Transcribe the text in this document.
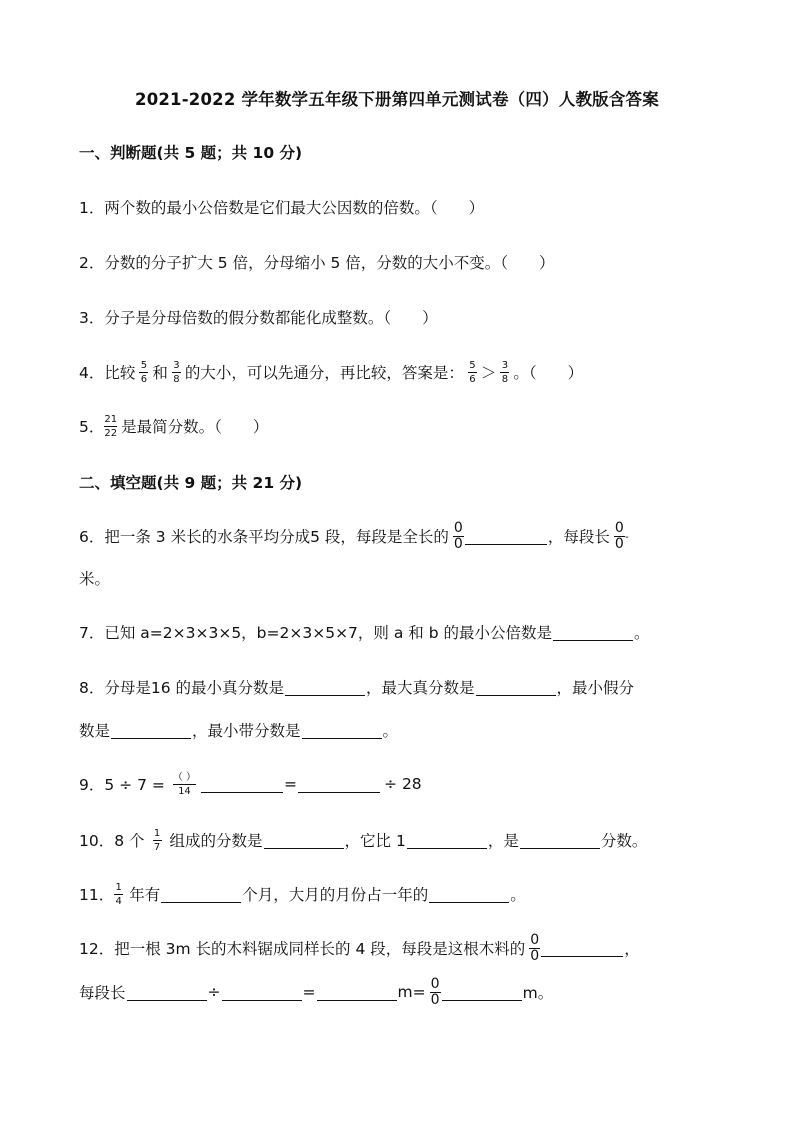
2021-2022 学年数学五年级下册第四单元测试卷（四）人教版含答案
一、判断题(共 5 题；共 10 分)
1．两个数的最小公倍数是它们最大公因数的倍数。（　　）
2．分数的分子扩大 5 倍，分母缩小 5 倍，分数的大小不变。（　　）
3．分子是分母倍数的假分数都能化成整数。（　　）
4．比较 $\frac{5}{6}$ 和 $\frac{3}{8}$ 的大小，可以先通分，再比较，答案是： $\frac{5}{6} > \frac{3}{8}$ 。（　　）
5． $\frac{21}{22}$ 是最简分数。（　　）
二、填空题(共 9 题；共 21 分)
6．把一条 3 米长的水条平均分成5 段，每段是全长的 $\frac{0}{0}$	，每段长 $\frac{0}{0}$ -
米。
7．已知 a=2×3×3×5，b=2×3×5×7，则 a 和 b 的最小公倍数是	。
8．分母是16 的最小真分数是	，最大真分数是	，最小假分
数是	，最小带分数是	。
9．$5 \div 7 = \frac{( )}{14}$	=	÷ 28
10．8 个 $\frac{1}{7}$ 组成的分数是	，它比 1	，是	分数。
11． $\frac{1}{4}$ 年有	个月，大月的月份占一年的	。
12．把一根 3m 长的木料锯成同样长的 4 段，每段是这根木料的 $\frac{0}{0}$	，
每段长	÷	=	$m= \frac{0}{0}$	m。
